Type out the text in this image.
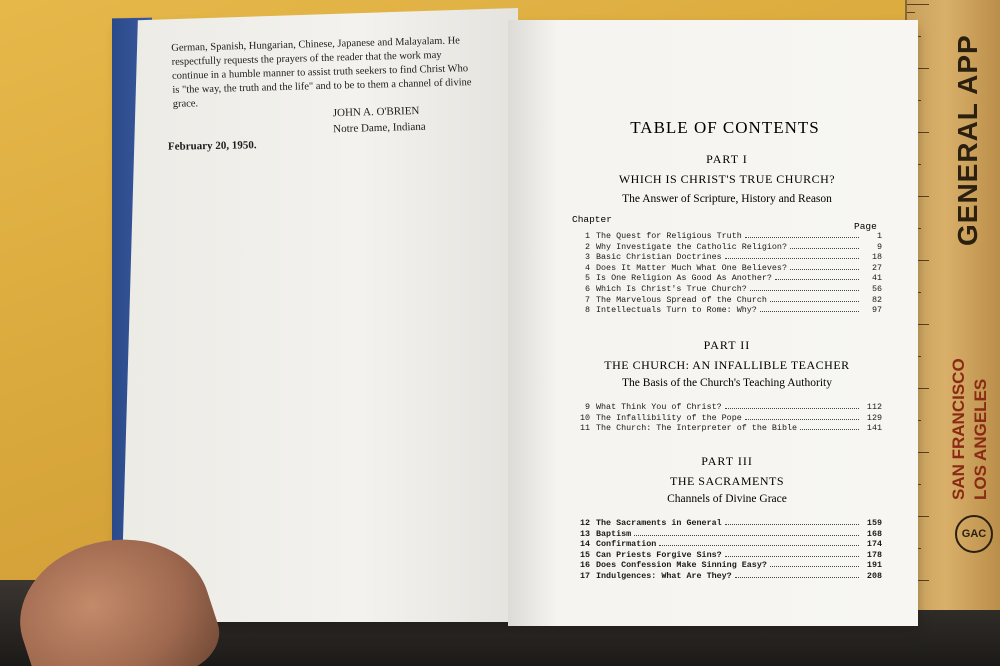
GENERAL APP
SAN FRANCISCO LOS ANGELES
GAC
German, Spanish, Hungarian, Chinese, Japanese and Malayalam. He respectfully requests the prayers of the reader that the work may continue in a humble manner to assist truth seekers to find Christ Who is "the way, the truth and the life" and to be to them a channel of divine grace.
JOHN A. O'BRIEN
Notre Dame, Indiana
February 20, 1950.
TABLE OF CONTENTS
PART I
WHICH IS CHRIST'S TRUE CHURCH?
The Answer of Scripture, History and Reason
Chapter
Page
1 The Quest for Religious Truth	1
2 Why Investigate the Catholic Religion?	9
3 Basic Christian Doctrines	18
4 Does It Matter Much What One Believes?	27
5 Is One Religion As Good As Another?	41
6 Which Is Christ's True Church?	56
7 The Marvelous Spread of the Church	82
8 Intellectuals Turn to Rome: Why?	97
PART II
THE CHURCH: AN INFALLIBLE TEACHER
The Basis of the Church's Teaching Authority
9 What Think You of Christ?	112
10 The Infallibility of the Pope	129
11 The Church: The Interpreter of the Bible	141
PART III
THE SACRAMENTS
Channels of Divine Grace
12 The Sacraments in General	159
13 Baptism	168
14 Confirmation	174
15 Can Priests Forgive Sins?	178
16 Does Confession Make Sinning Easy?	191
17 Indulgences: What Are They?	208
